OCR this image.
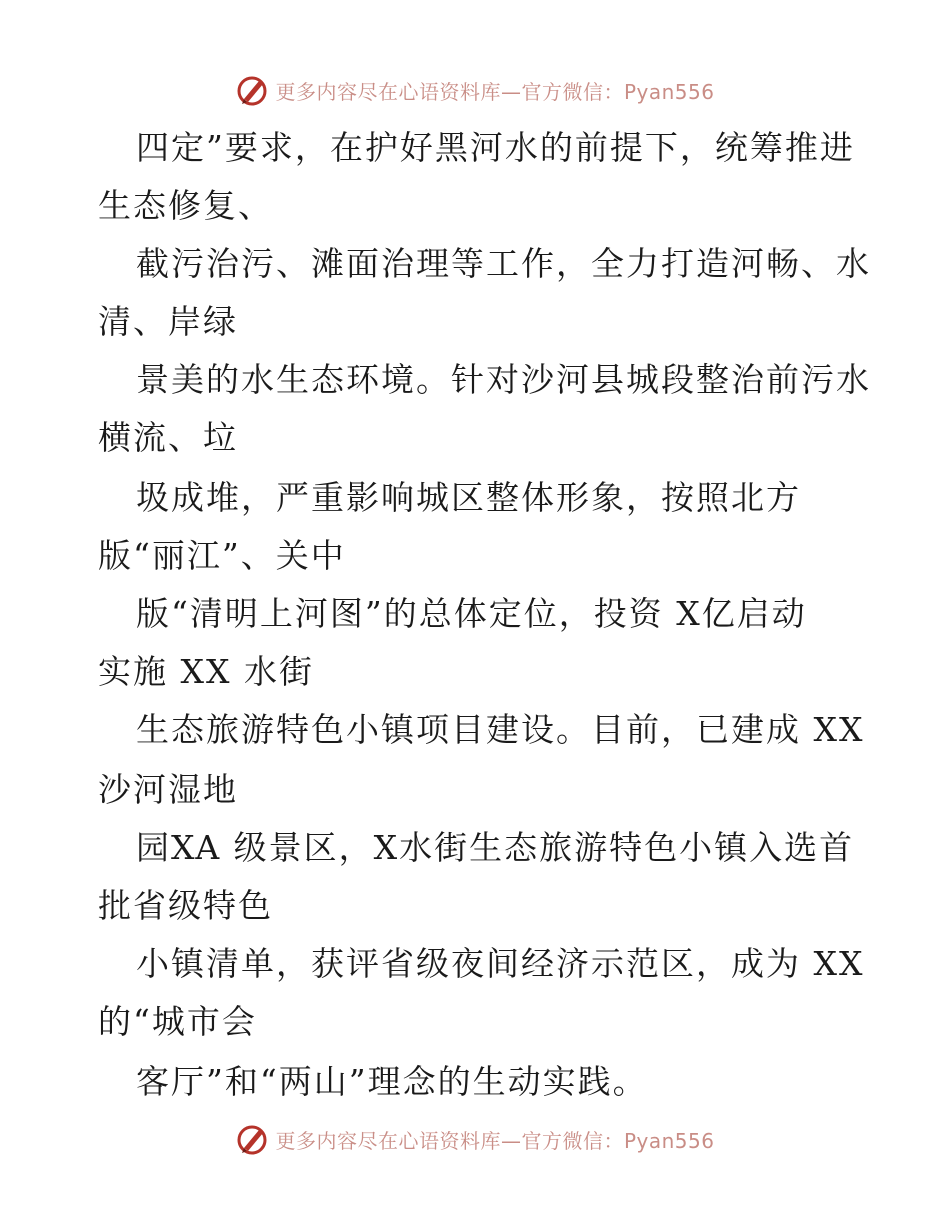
更多内容尽在心语资料库—官方微信：Pyan556
四定”要求，在护好黑河水的前提下，统筹推进
生态修复、
截污治污、滩面治理等工作，全力打造河畅、水
清、岸绿
景美的水生态环境。针对沙河县城段整治前污水
横流、垃
圾成堆，严重影响城区整体形象，按照北方
版“丽江”、关中
版“清明上河图”的总体定位，投资 X亿启动
实施 XX 水街
生态旅游特色小镇项目建设。目前，已建成 XX
沙河湿地
园XA 级景区，X水街生态旅游特色小镇入选首
批省级特色
小镇清单，获评省级夜间经济示范区，成为 XX
的“城市会
客厅”和“两山”理念的生动实践。
更多内容尽在心语资料库—官方微信：Pyan556
